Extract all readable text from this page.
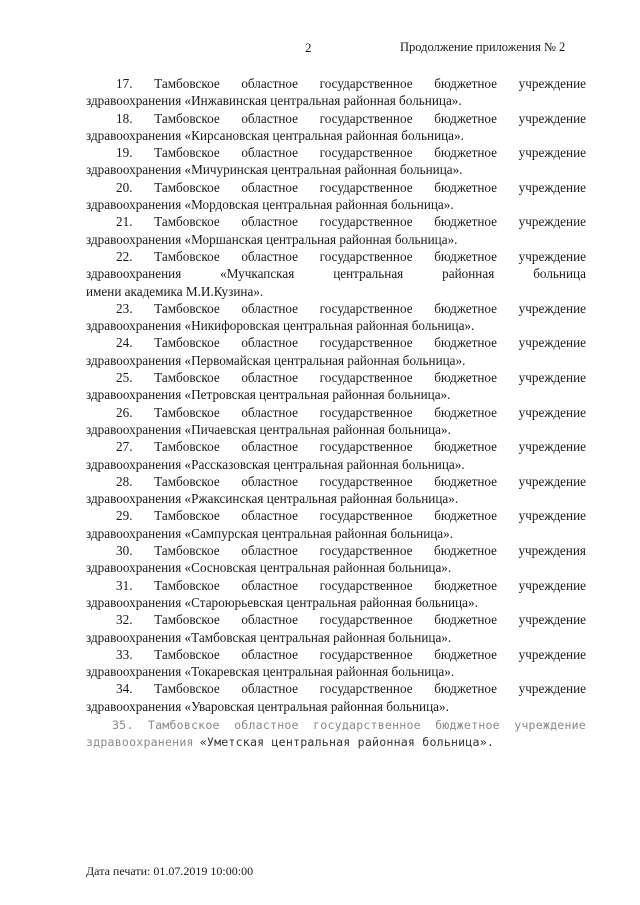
2	Продолжение приложения № 2
17. Тамбовское областное государственное бюджетное учреждение
здравоохранения «Инжавинская центральная районная больница».
18. Тамбовское областное государственное бюджетное учреждение
здравоохранения «Кирсановская центральная районная больница».
19. Тамбовское областное государственное бюджетное учреждение
здравоохранения «Мичуринская центральная районная больница».
20. Тамбовское областное государственное бюджетное учреждение
здравоохранения «Мордовская центральная районная больница».
21. Тамбовское областное государственное бюджетное учреждение
здравоохранения «Моршанская центральная районная больница».
22. Тамбовское областное государственное бюджетное учреждение
здравоохранения	«Мучкапская	центральная	районная	больница
имени академика М.И.Кузина».
23. Тамбовское областное государственное бюджетное учреждение
здравоохранения «Никифоровская центральная районная больница».
24. Тамбовское областное государственное бюджетное учреждение
здравоохранения «Первомайская центральная районная больница».
25. Тамбовское областное государственное бюджетное учреждение
здравоохранения «Петровская центральная районная больница».
26. Тамбовское областное государственное бюджетное учреждение
здравоохранения «Пичаевская центральная районная больница».
27. Тамбовское областное государственное бюджетное учреждение
здравоохранения «Рассказовская центральная районная больница».
28. Тамбовское областное государственное бюджетное учреждение
здравоохранения «Ржаксинская центральная районная больница».
29. Тамбовское областное государственное бюджетное учреждение
здравоохранения «Сампурская центральная районная больница».
30. Тамбовское областное государственное бюджетное учреждения
здравоохранения «Сосновская центральная районная больница».
31. Тамбовское областное государственное бюджетное учреждение
здравоохранения «Староюрьевская центральная районная больница».
32. Тамбовское областное государственное бюджетное учреждение
здравоохранения «Тамбовская центральная районная больница».
33. Тамбовское областное государственное бюджетное учреждение
здравоохранения «Токаревская центральная районная больница».
34. Тамбовское областное государственное бюджетное учреждение
здравоохранения «Уваровская центральная районная больница».
35. Тамбовское областное государственное бюджетное учреждение
здравоохранения «Уметская центральная районная больница».
Дата печати: 01.07.2019 10:00:00
